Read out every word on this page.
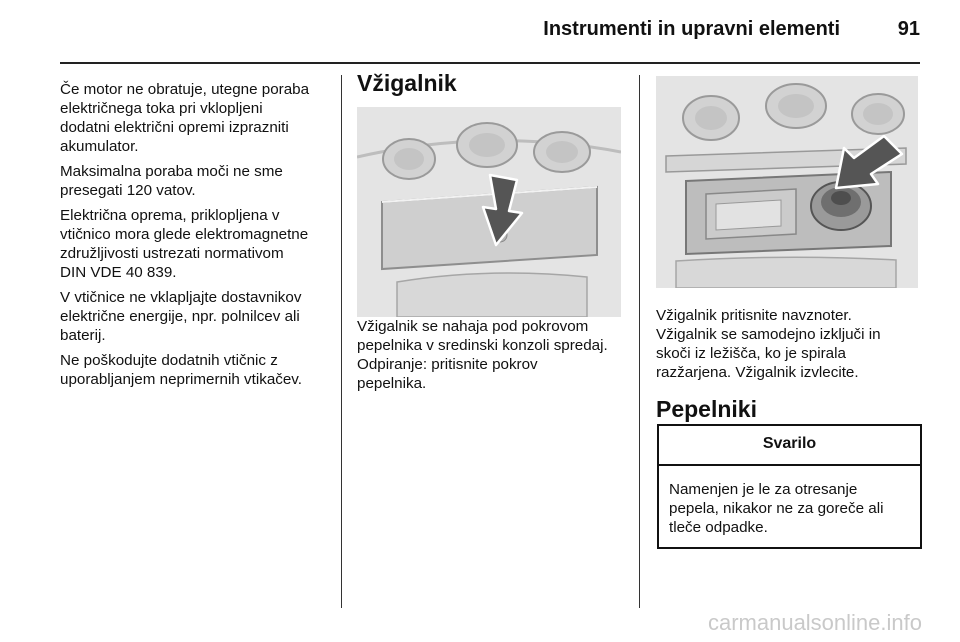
Instrumenti in upravni elementi	91

Če motor ne obratuje, utegne poraba
električnega toka pri vklopljeni
dodatni električni opremi izprazniti
akumulator.

Maksimalna poraba moči ne sme
presegati 120 vatov.

Električna oprema, priklopljena v
vtičnico mora glede elektromagnetne
združljivosti ustrezati normativom
DIN VDE 40 839.

V vtičnice ne vklapljajte dostavnikov
električne energije, npr. polnilcev ali
baterij.

Ne poškodujte dodatnih vtičnic z
uporabljanjem neprimernih vtikačev.

Vžigalnik

Vžigalnik se nahaja pod pokrovom
pepelnika v sredinski konzoli spredaj.
Odpiranje: pritisnite pokrov
pepelnika.

Vžigalnik pritisnite navznoter.
Vžigalnik se samodejno izključi in
skoči iz ležišča, ko je spirala
razžarjena. Vžigalnik izvlecite.

Pepelniki
Svarilo
Namenjen je le za otresanje
pepela, nikakor ne za goreče ali
tleče odpadke.
carmanualsonline.info
